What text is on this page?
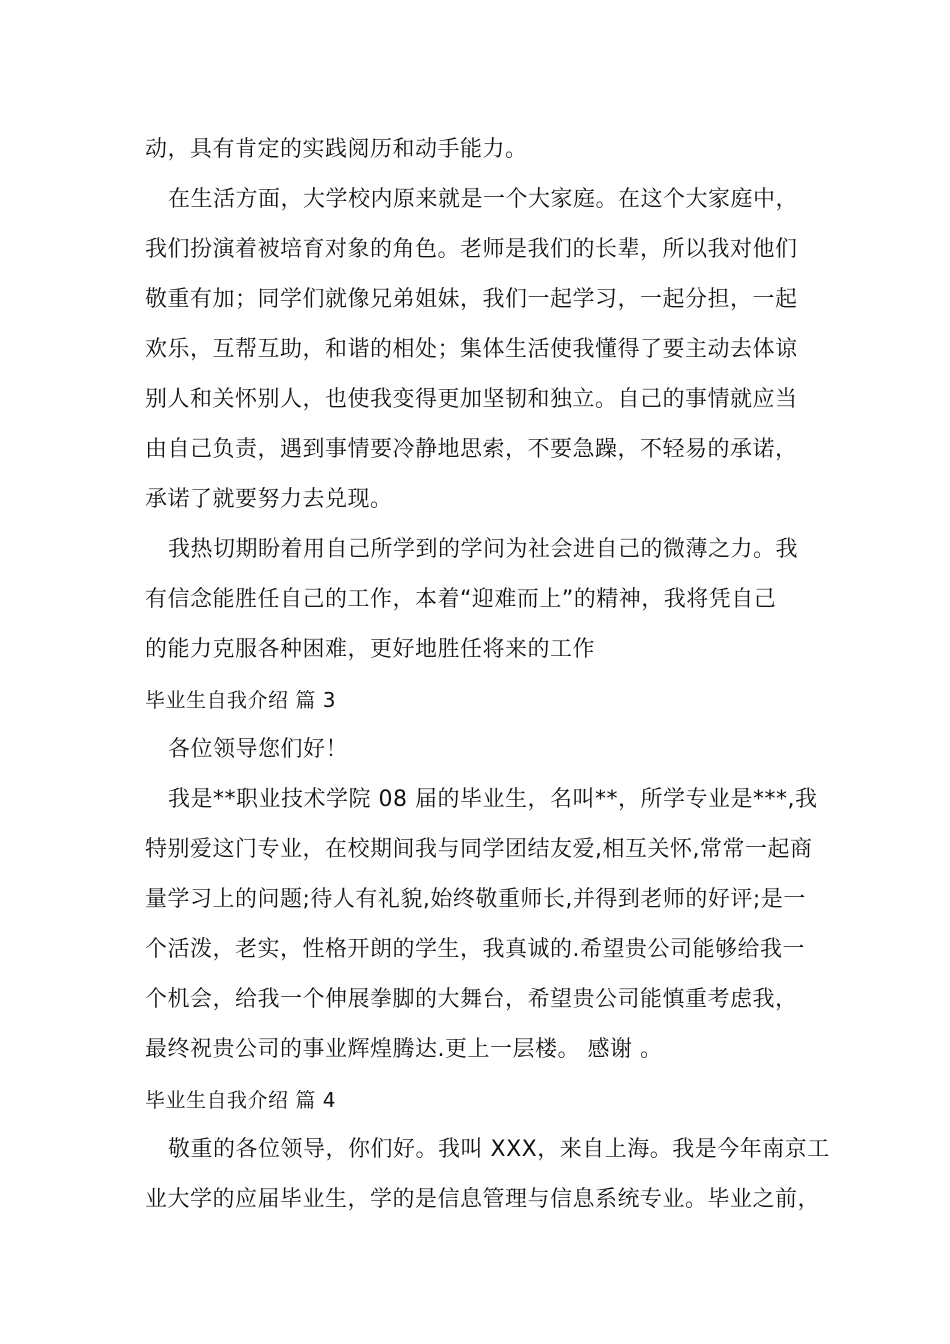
动，具有肯定的实践阅历和动手能力。
在生活方面，大学校内原来就是一个大家庭。在这个大家庭中，
我们扮演着被培育对象的角色。老师是我们的长辈，所以我对他们
敬重有加；同学们就像兄弟姐妹，我们一起学习，一起分担，一起
欢乐，互帮互助，和谐的相处；集体生活使我懂得了要主动去体谅
别人和关怀别人，也使我变得更加坚韧和独立。自己的事情就应当
由自己负责，遇到事情要冷静地思索，不要急躁，不轻易的承诺，
承诺了就要努力去兑现。
我热切期盼着用自己所学到的学问为社会进自己的微薄之力。我
有信念能胜任自己的工作，本着“迎难而上”的精神，我将凭自己
的能力克服各种困难，更好地胜任将来的工作
毕业生自我介绍 篇 3
各位领导您们好！
我是**职业技术学院 08 届的毕业生，名叫**，所学专业是***,我
特别爱这门专业，在校期间我与同学团结友爱,相互关怀,常常一起商
量学习上的问题;待人有礼貌,始终敬重师长,并得到老师的好评;是一
个活泼，老实，性格开朗的学生，我真诚的.希望贵公司能够给我一
个机会，给我一个伸展拳脚的大舞台，希望贵公司能慎重考虑我，
最终祝贵公司的事业辉煌腾达.更上一层楼。 感谢 。
毕业生自我介绍 篇 4
敬重的各位领导，你们好。我叫 XXX，来自上海。我是今年南京工
业大学的应届毕业生，学的是信息管理与信息系统专业。毕业之前，
